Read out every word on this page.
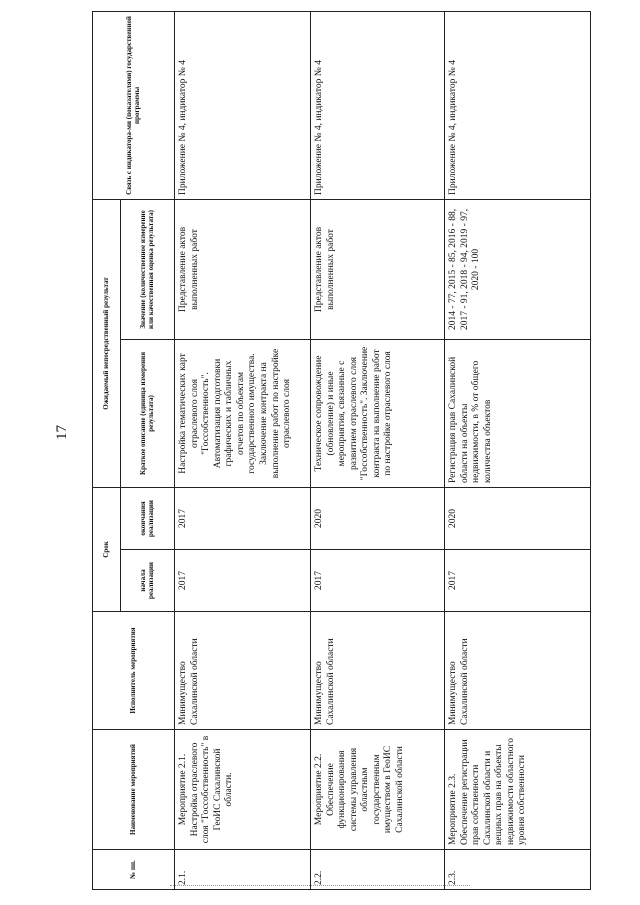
17
№ пп.	Наименование мероприятий	Исполнитель мероприятия	Срок		Ожидаемый непосредственный результат		Связь с индикатора-ми (показателями) государственной программы
			начала реализации	окончания реализации	Краткое описание (единица измерения результата)	Значение (количественное измерение или качественная оценка результата)	
2.1.	Мероприятие 2.1. Настройка отраслевого слоя "Госсобственность" в ГеоИС Сахалинской области.	Минимущество Сахалинской области	2017	2017	Настройка тематических карт отраслевого слоя "Госсобственность". Автоматизация подготовки графических и табличных отчетов по объектам государственного имущества. Заключение контракта на выполнение работ по настройке отраслевого слоя	Представление актов выполненных работ	Приложение № 4, индикатор № 4
2.2.	Мероприятие 2.2. Обеспечение функционирования системы управления областным государственным имуществом в ГеоИС Сахалинской области	Минимущество Сахалинской области	2017	2020	Техническое сопровождение (обновление) и иные мероприятия, связанные с развитием отраслевого слоя "Госсобственность". Заключение контракта на выполнение работ по настройке отраслевого слоя	Представление актов выполненных работ	Приложение № 4, индикатор № 4
2.3.	Мероприятие 2.3. Обеспечение регистрации прав собственности Сахалинской области и вещных прав на объекты недвижимости областного уровня собственности	Минимущество Сахалинской области	2017	2020	Регистрация прав Сахалинской области на объекты недвижимости, в % от общего количества объектов	2014 - 77, 2015 - 85, 2016 - 88, 2017 - 91, 2018 - 94, 2019 - 97, 2020 - 100	Приложение № 4, индикатор № 4
